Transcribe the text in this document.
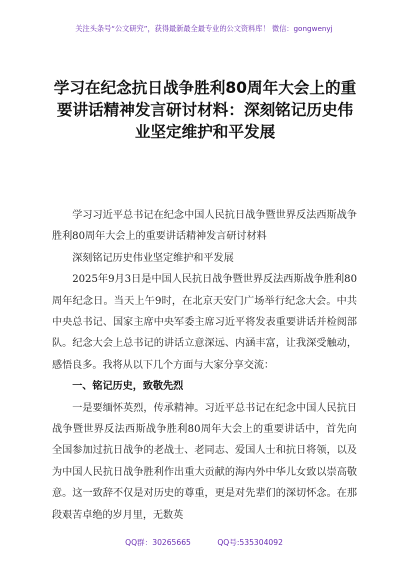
关注头条号“公文研究”，获得最新最全最专业的公文资料库！ 微信：gongwenyj
学习在纪念抗日战争胜利80周年大会上的重要讲话精神发言研讨材料：深刻铭记历史伟业坚定维护和平发展

学习习近平总书记在纪念中国人民抗日战争暨世界反法西斯战争胜利80周年大会上的重要讲话精神发言研讨材料

深刻铭记历史伟业坚定维护和平发展

2025年9月3日是中国人民抗日战争暨世界反法西斯战争胜利80周年纪念日。当天上午9时，在北京天安门广场举行纪念大会。中共中央总书记、国家主席中央军委主席习近平将发表重要讲话并检阅部队。纪念大会上总书记的讲话立意深远、内涵丰富，让我深受触动，感悟良多。我将从以下几个方面与大家分享交流：

一、铭记历史，致敬先烈

一是要缅怀英烈，传承精神。习近平总书记在纪念中国人民抗日战争暨世界反法西斯战争胜利80周年大会上的重要讲话中，首先向全国参加过抗日战争的老战士、老同志、爱国人士和抗日将领，以及为中国人民抗日战争胜利作出重大贡献的海内外中华儿女致以崇高敬意。这一致辞不仅是对历史的尊重，更是对先辈们的深切怀念。在那段艰苦卓绝的岁月里，无数英

QQ群：30265665	QQ号:535304092
